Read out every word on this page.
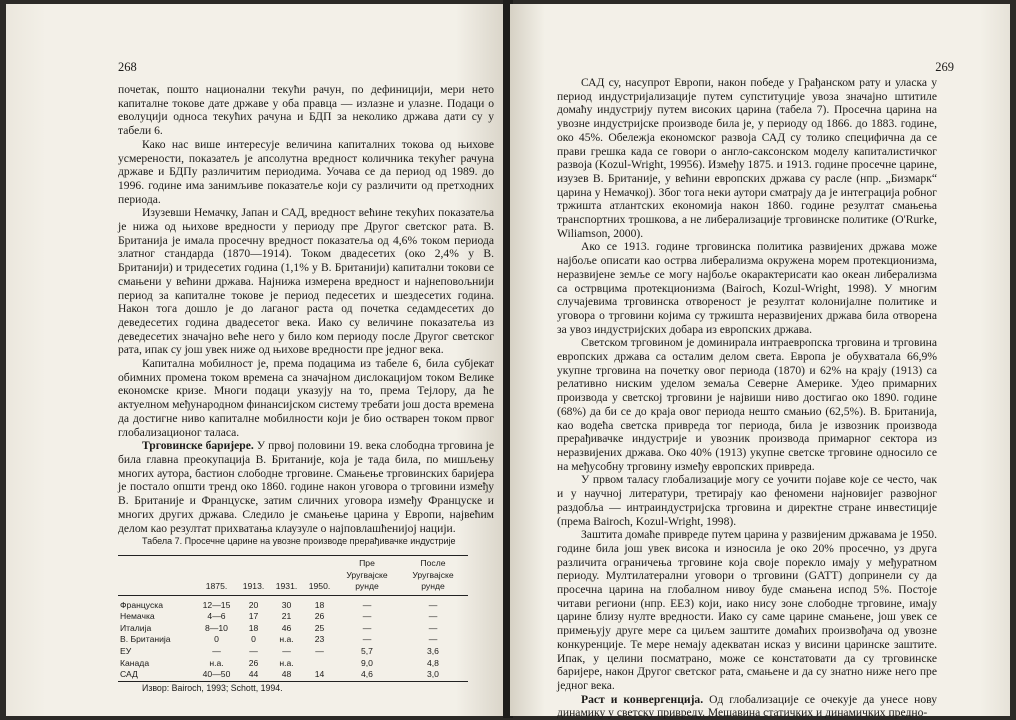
268

почетак, пошто национални текући рачун, по дефиницији, мери нето капиталне токове дате државе у оба правца — излазне и улазне. Подаци о еволуцији односа текућих рачуна и БДП за неколико држава дати су у табели 6.

Како нас више интересује величина капиталних токова од њихове усмерености, показатељ је апсолутна вредност количника текућег рачуна државе и БДПу различитим периодима. Уочава се да период од 1989. до 1996. године има занимљиве показатеље који су различити од претходних периода.

Изузевши Немачку, Јапан и САД, вредност већине текућих показатеља је нижа од њихове вредности у периоду пре Другог светског рата. В. Британија је имала просечну вредност показатеља од 4,6% током периода златног стандарда (1870—1914). Током двадесетих (око 2,4% у В. Британији) и тридесетих година (1,1% у В. Британији) капитални токови се смањени у већини држава. Најнижа измерена вредност и најнеповољнији период за капиталне токове је период педесетих и шездесетих година. Након тога дошло је до лаганог раста од почетка седамдесетих до деведесетих година двадесетог века. Иако су величине показатеља из деведесетих значајно веће него у било ком периоду после Другог светског рата, ипак су још увек ниже од њихове вредности пре једног века.

Капитална мобилност је, према подацима из табеле 6, била субјекат обимних промена током времена са значајном дислокацијом током Велике економске кризе. Многи подаци указују на то, према Тејлору, да ће актуелном међународном финансијском систему требати још доста времена да достигне ниво капиталне мобилности који је био остварен током првог глобализационог таласа.

Трговинске баријере. У првој половини 19. века слободна трговина је била главна преокупација В. Британије, која је тада била, по мишљењу многих аутора, бастион слободне трговине. Смањење трговинских баријера је постало општи тренд око 1860. године након уговора о трговини између В. Британије и Француске, затим сличних уговора између Француске и многих других држава. Следило је смањење царина у Европи, највећим делом као резултат прихватања клаузуле о најповлашћенијој нацији.

Табела 7. Просечне царине на увозне производе прерађивачке индустрије

	1875.	1913.	1931.	1950.	Пре Уругвајске рунде	После Уругвајске рунде

Француска	12—15	20	30	18	—	—
Немачка	4—6	17	21	26	—	—
Италија	8—10	18	46	25	—	—
В. Британија	0	0	н.а.	23	—	—
ЕУ	—	—	—	—	5,7	3,6
Канада	н.а.	26	н.а.		9,0	4,8
САД	40—50	44	48	14	4,6	3,0

Извор: Bairoch, 1993; Schott, 1994.

269

САД су, насупрот Европи, након победе у Грађанском рату и уласка у период индустријализације путем супституције увоза значајно штитиле домаћу индустрију путем високих царина (табела 7). Просечна царина на увозне индустријске производе била је, у периоду од 1866. до 1883. године, око 45%. Обележја економског развоја САД су толико специфична да се прави грешка када се говори о англо-саксонском моделу капиталистичког развоја (Kozul-Wright, 19956). Између 1875. и 1913. године просечне царине, изузев В. Британије, у већини европских држава су расле (нпр. „Бизмарк“ царина у Немачкој). Због тога неки аутори сматрају да је интеграција робног тржишта атлантских економија након 1860. године резултат смањења транспортних трошкова, а не либерализације трговинске политике (O'Rurke, Wiliamson, 2000).

Ако се 1913. године трговинска политика развијених држава може најбоље описати као острва либерализма окружена морем протекционизма, неразвијене земље се могу најбоље окарактерисати као океан либерализма са острвцима протекционизма (Bairoch, Kozul-Wright, 1998). У многим случајевима трговинска отвореност је резултат колонијалне политике и уговора о трговини којима су тржишта неразвијених држава била отворена за увоз индустријских добара из европских држава.

Светском трговином је доминирала интраевропска трговина и трговина европских држава са осталим делом света. Европа је обухватала 66,9% укупне трговина на почетку овог периода (1870) и 62% на крају (1913) са релативно ниским уделом земаља Северне Америке. Удео примарних производа у светској трговини је највиши ниво достигао око 1890. године (68%) да би се до краја овог периода нешто смањио (62,5%). В. Британија, као водећа светска привреда тог периода, била је извозник производа прерађивачке индустрије и увозник производа примарног сектора из неразвијених држава. Око 40% (1913) укупне светске трговине односило се на међусобну трговину између европских привреда.

У првом таласу глобализације могу се уочити појаве које се често, чак и у научној литератури, третирају као феномени најновијег развојног раздобља — интраиндустријска трговина и директне стране инвестиције (према Bairoch, Kozul-Wright, 1998).

Заштита домаће привреде путем царина у развијеним државама је 1950. године била још увек висока и износила је око 20% просечно, уз друга различита ограничења трговине која своје порекло имају у међуратном периоду. Мултилатерални уговори о трговини (GATT) допринели су да просечна царина на глобалном нивоу буде смањена испод 5%. Постоје читави региони (нпр. ЕЕЗ) који, иако нису зоне слободне трговине, имају царине близу нулте вредности. Иако су саме царине смањене, још увек се примењују друге мере са циљем заштите домаћих произвођача од увозне конкуренције. Те мере немају адекватан исказ у висини царинске заштите. Ипак, у целини посматрано, може се констатовати да су трговинске баријере, након Другог светског рата, смањене и да су знатно ниже него пре једног века.

Раст и конвергенција. Од глобализације се очекује да унесе нову динамику у светску привреду. Мешавина статичких и динамичких предно-
